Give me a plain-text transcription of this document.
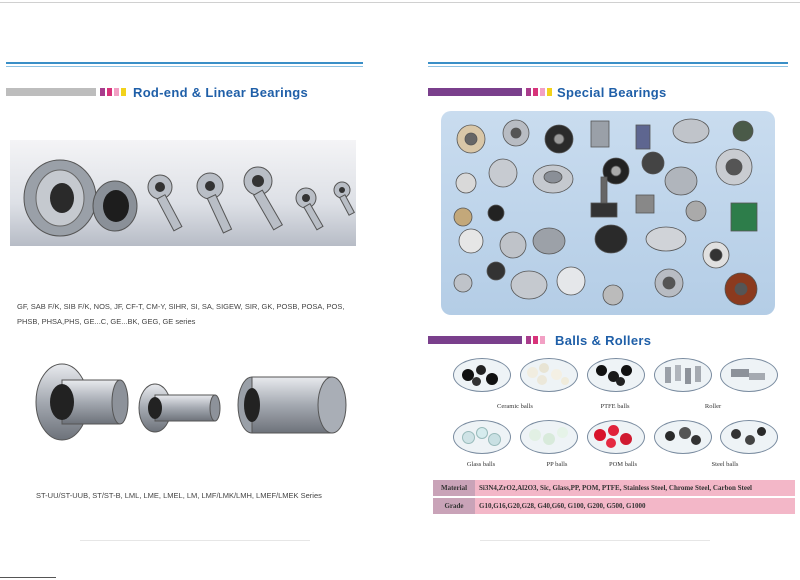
Rod-end & Linear Bearings
GF, SAB F/K, SIB F/K, NOS, JF, CF-T, CM-Y, SIHR, SI, SA, SIGEW, SIR, GK, POSB, POSA, POS, PHSB, PHSA,PHS, GE...C, GE...BK, GEG, GE series
ST-UU/ST-UUB, ST/ST-B, LML, LME, LMEL, LM, LMF/LMK/LMH, LMEF/LMEK Series
Special Bearings
Balls & Rollers
Ceramic balls	PTFE balls	Roller
Glass balls	PP balls	POM balls	Steel balls
Material	Si3N4,ZrO2,Al2O3, Sic, Glass,PP, POM, PTFE, Stainless Steel, Chrome Steel, Carbon Steel
Grade	G10,G16,G20,G28, G40,G60, G100, G200, G500, G1000
